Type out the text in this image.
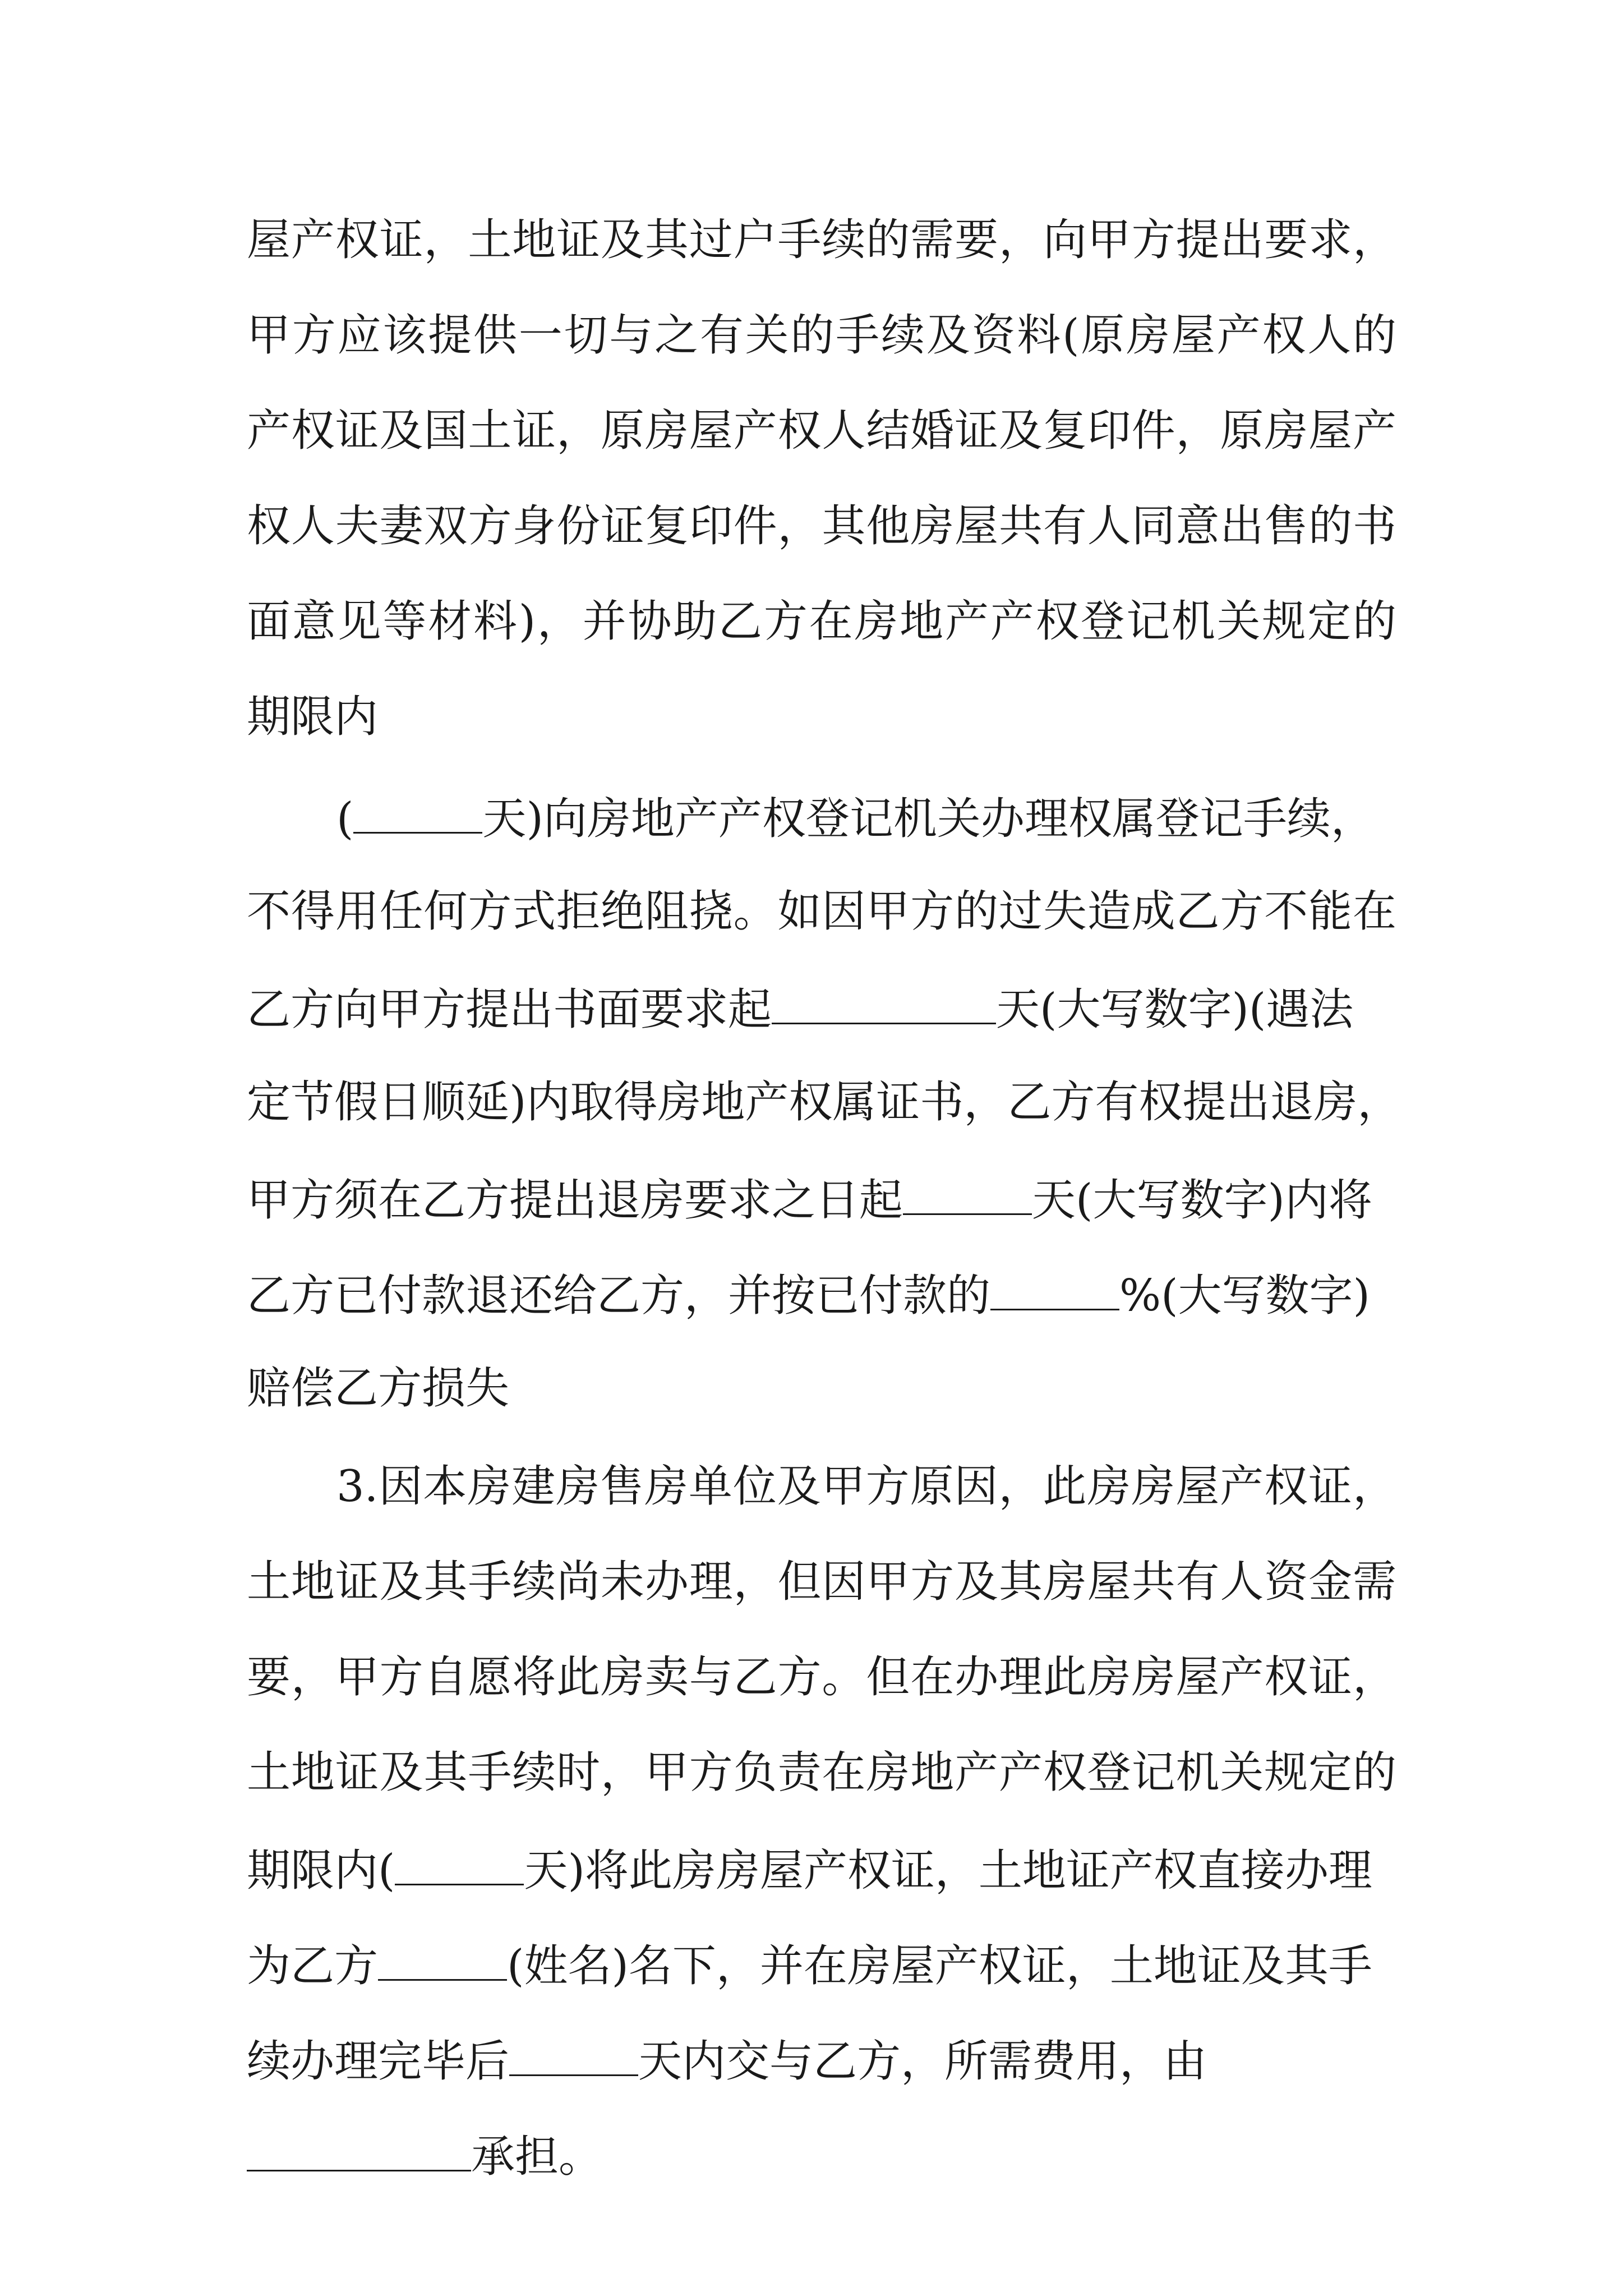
屋产权证，土地证及其过户手续的需要，向甲方提出要求，
甲方应该提供一切与之有关的手续及资料(原房屋产权人的
产权证及国土证，原房屋产权人结婚证及复印件，原房屋产
权人夫妻双方身份证复印件，其他房屋共有人同意出售的书
面意见等材料)，并协助乙方在房地产产权登记机关规定的
期限内
(	天)向房地产产权登记机关办理权属登记手续，
不得用任何方式拒绝阻挠。如因甲方的过失造成乙方不能在
乙方向甲方提出书面要求起	天(大写数字)(遇法
定节假日顺延)内取得房地产权属证书，乙方有权提出退房，
甲方须在乙方提出退房要求之日起	天(大写数字)内将
乙方已付款退还给乙方，并按已付款的	%(大写数字)
赔偿乙方损失
3.因本房建房售房单位及甲方原因，此房房屋产权证，
土地证及其手续尚未办理，但因甲方及其房屋共有人资金需
要，甲方自愿将此房卖与乙方。但在办理此房房屋产权证，
土地证及其手续时，甲方负责在房地产产权登记机关规定的
期限内(	天)将此房房屋产权证，土地证产权直接办理
为乙方	(姓名)名下，并在房屋产权证，土地证及其手
续办理完毕后	天内交与乙方，所需费用，由
承担。
